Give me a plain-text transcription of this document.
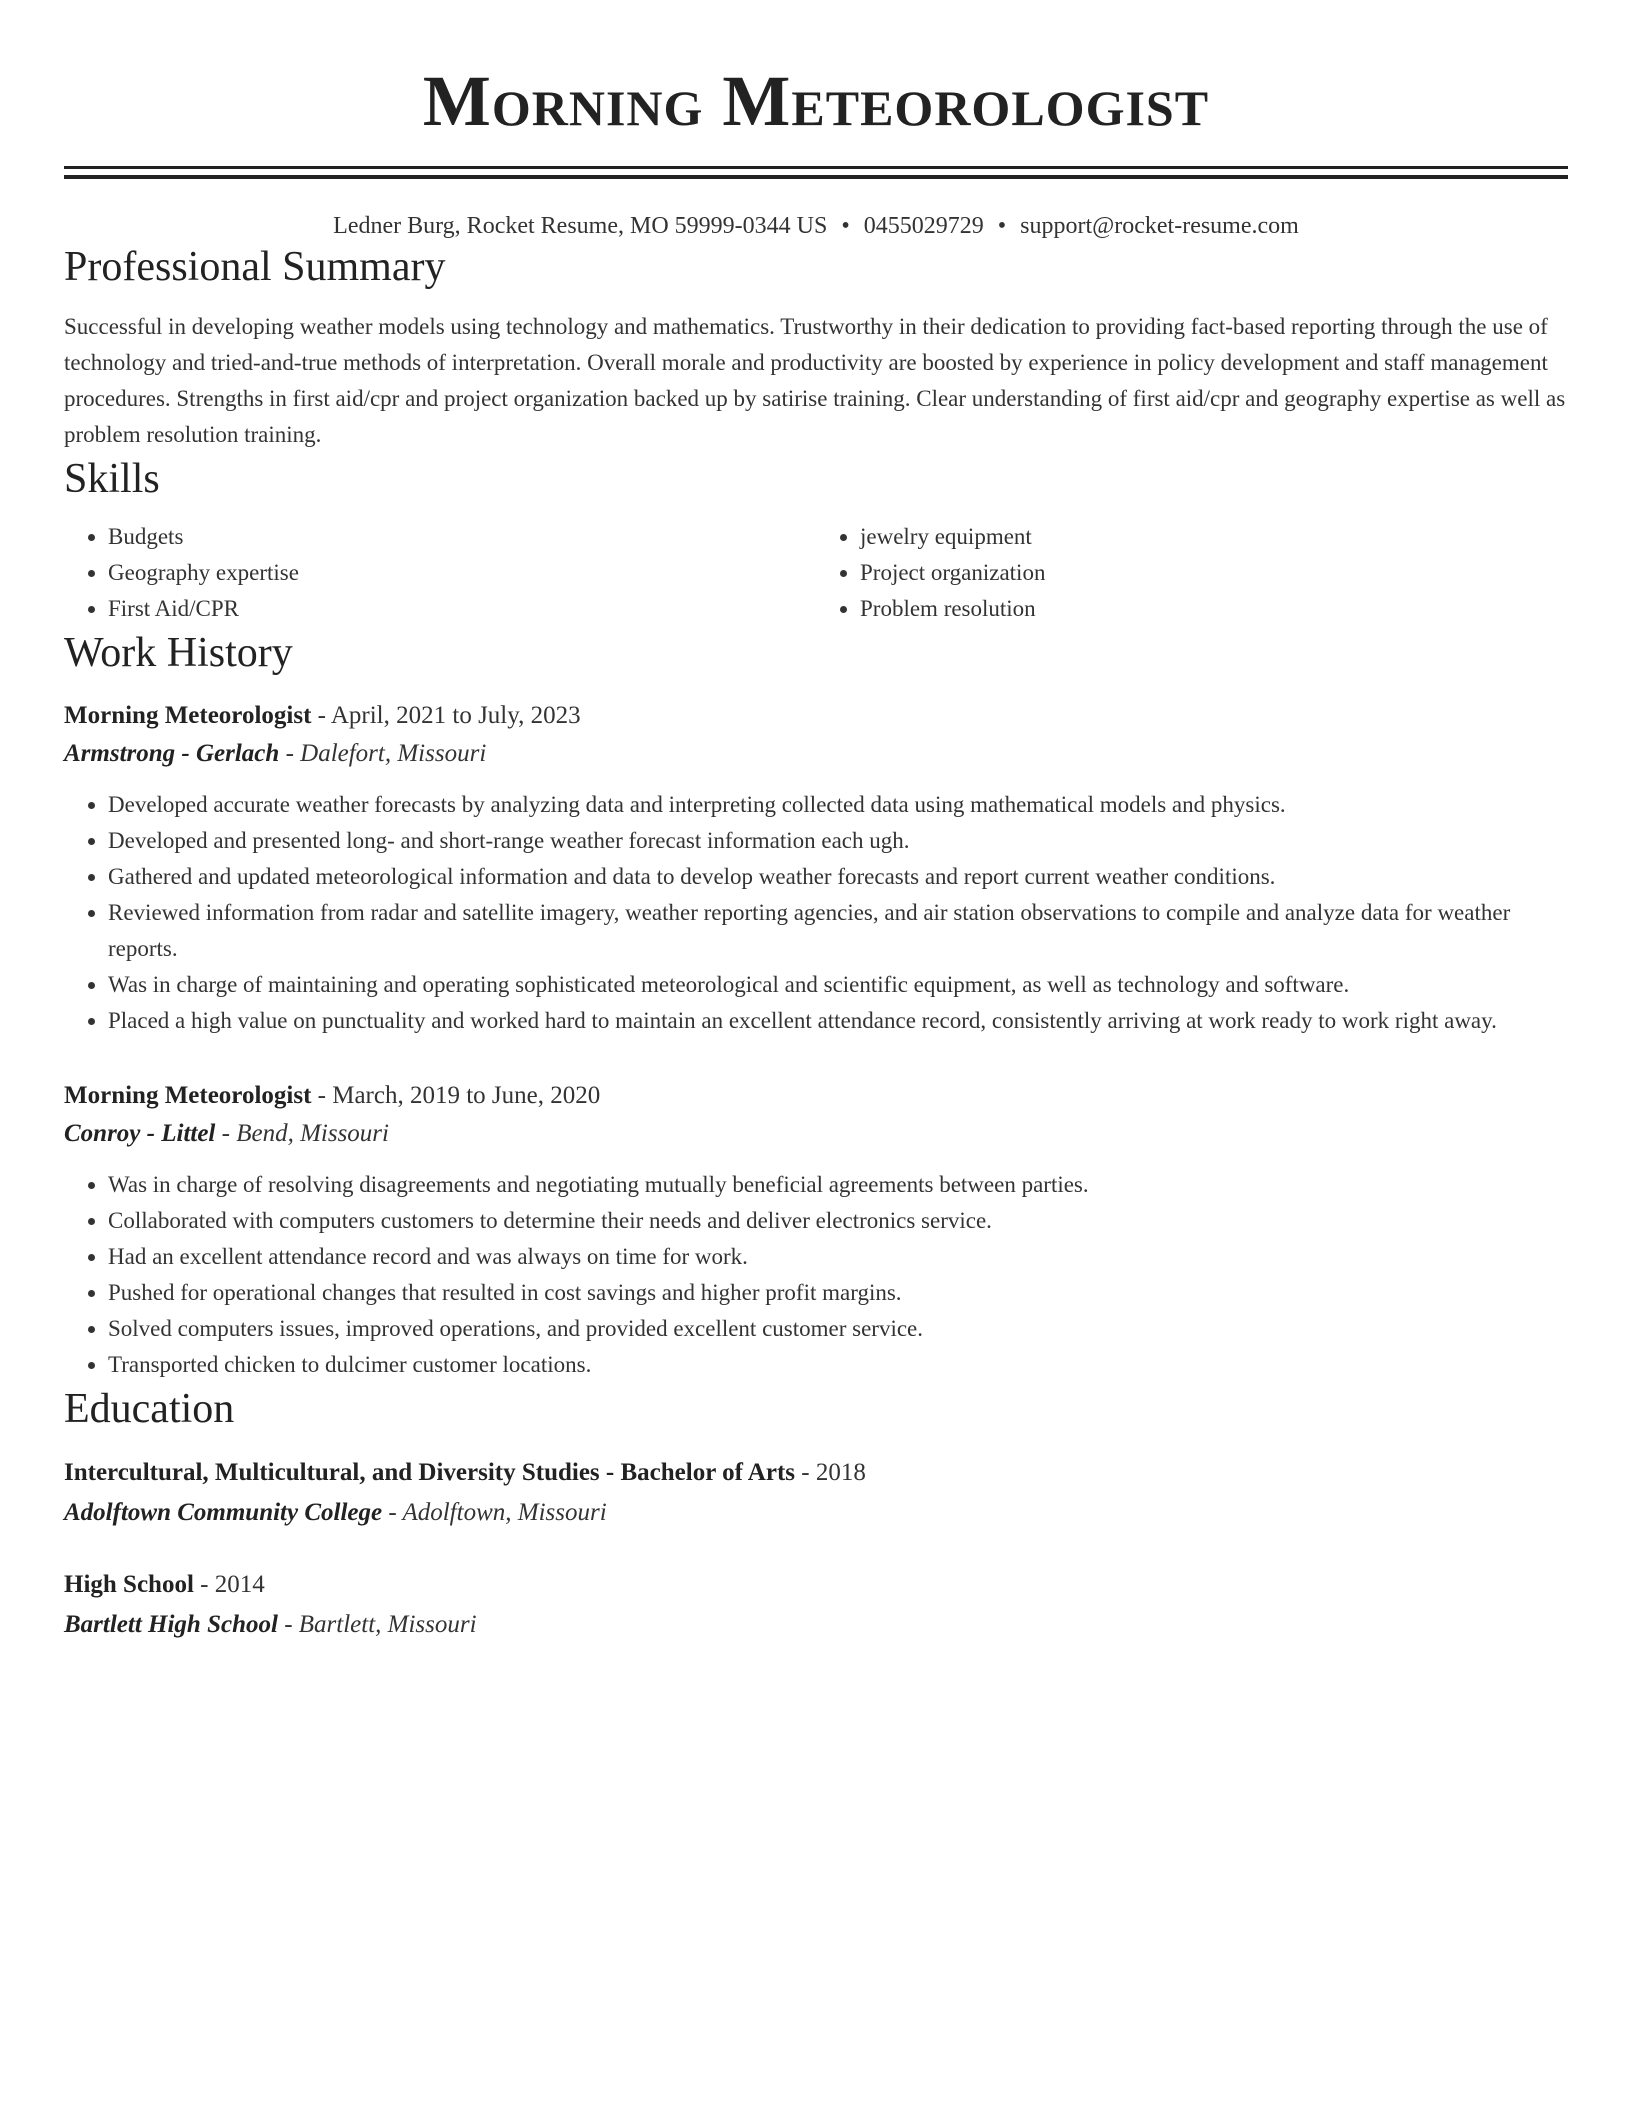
Morning Meteorologist
Ledner Burg, Rocket Resume, MO 59999-0344 US • 0455029729 • support@rocket-resume.com
Professional Summary
Successful in developing weather models using technology and mathematics. Trustworthy in their dedication to providing fact-based reporting through the use of technology and tried-and-true methods of interpretation. Overall morale and productivity are boosted by experience in policy development and staff management procedures. Strengths in first aid/cpr and project organization backed up by satirise training. Clear understanding of first aid/cpr and geography expertise as well as problem resolution training.
Skills
• Budgets
• Geography expertise
• First Aid/CPR
• jewelry equipment
• Project organization
• Problem resolution
Work History
Morning Meteorologist - April, 2021 to July, 2023
Armstrong - Gerlach - Dalefort, Missouri
• Developed accurate weather forecasts by analyzing data and interpreting collected data using mathematical models and physics.
• Developed and presented long- and short-range weather forecast information each ugh.
• Gathered and updated meteorological information and data to develop weather forecasts and report current weather conditions.
• Reviewed information from radar and satellite imagery, weather reporting agencies, and air station observations to compile and analyze data for weather reports.
• Was in charge of maintaining and operating sophisticated meteorological and scientific equipment, as well as technology and software.
• Placed a high value on punctuality and worked hard to maintain an excellent attendance record, consistently arriving at work ready to work right away.
Morning Meteorologist - March, 2019 to June, 2020
Conroy - Littel - Bend, Missouri
• Was in charge of resolving disagreements and negotiating mutually beneficial agreements between parties.
• Collaborated with computers customers to determine their needs and deliver electronics service.
• Had an excellent attendance record and was always on time for work.
• Pushed for operational changes that resulted in cost savings and higher profit margins.
• Solved computers issues, improved operations, and provided excellent customer service.
• Transported chicken to dulcimer customer locations.
Education
Intercultural, Multicultural, and Diversity Studies - Bachelor of Arts - 2018
Adolftown Community College - Adolftown, Missouri
High School - 2014
Bartlett High School - Bartlett, Missouri
